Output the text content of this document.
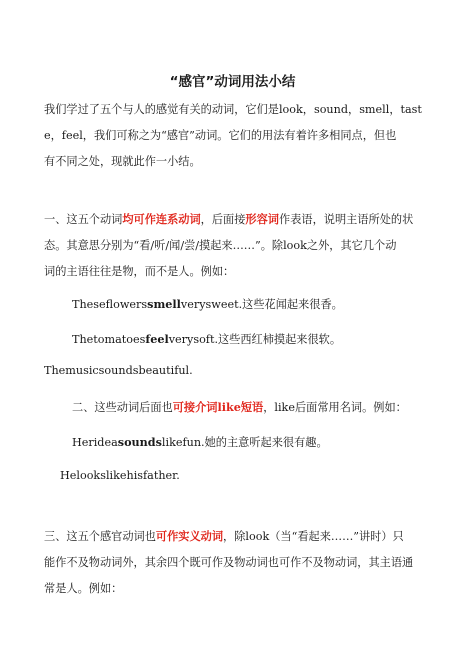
“感官”动词用法小结
我们学过了五个与人的感觉有关的动词，它们是look，sound，smell，tast
e，feel，我们可称之为“感官”动词。它们的用法有着许多相同点，但也
有不同之处，现就此作一小结。
一、这五个动词均可作连系动词，后面接形容词作表语，说明主语所处的状
态。其意思分别为“看/听/闻/尝/摸起来……”。除look之外，其它几个动
词的主语往往是物，而不是人。例如：
Theseflowerssmellverysweet.这些花闻起来很香。
Thetomatoesfeelverysoft.这些西红柿摸起来很软。
Themusicsoundsbeautiful.
二、这些动词后面也可接介词like短语，like后面常用名词。例如：
Herideasoundslikefun.她的主意听起来很有趣。
Helookslikehisfather.
三、这五个感官动词也可作实义动词，除look（当“看起来……”讲时）只
能作不及物动词外，其余四个既可作及物动词也可作不及物动词，其主语通
常是人。例如：
